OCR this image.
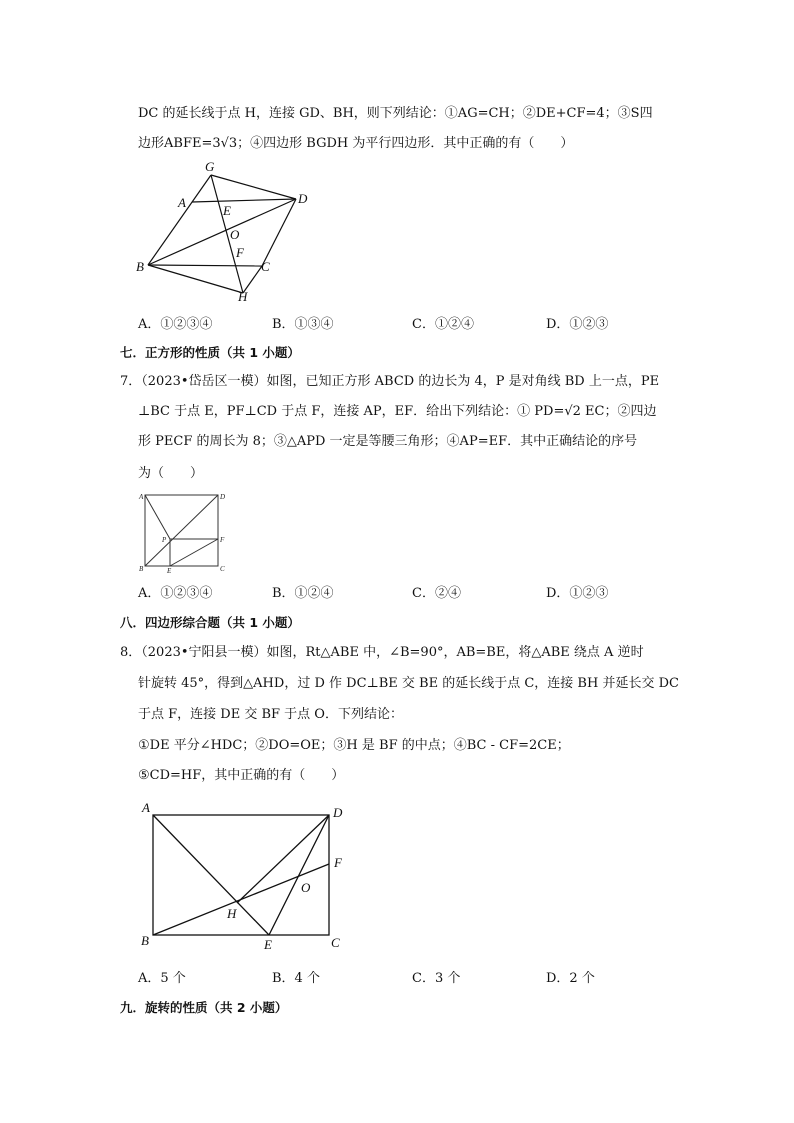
DC 的延长线于点 H，连接 GD、BH，则下列结论：①AG=CH；②DE+CF=4；③S四
边形ABFE=3√3；④四边形 BGDH 为平行四边形．其中正确的有（　　）
G
A
E
D
O
F
B	C
H
A．①②③④	B．①③④	C．①②④	D．①②③
七．正方形的性质（共 1 小题）
7．（2023•岱岳区一模）如图，已知正方形 ABCD 的边长为 4，P 是对角线 BD 上一点，PE
⊥BC 于点 E，PF⊥CD 于点 F，连接 AP，EF．给出下列结论：① PD=√2 EC；②四边
形 PECF 的周长为 8；③△APD 一定是等腰三角形；④AP=EF．其中正确结论的序号
为（　　）
A	D
P	F
B	E	C
A．①②③④	B．①②④	C．②④	D．①②③
八．四边形综合题（共 1 小题）
8．（2023•宁阳县一模）如图，Rt△ABE 中，∠B=90°，AB=BE，将△ABE 绕点 A 逆时
针旋转 45°，得到△AHD，过 D 作 DC⊥BE 交 BE 的延长线于点 C，连接 BH 并延长交 DC
于点 F，连接 DE 交 BF 于点 O．下列结论：
①DE 平分∠HDC；②DO=OE；③H 是 BF 的中点；④BC - CF=2CE；
⑤CD=HF，其中正确的有（　　）
A	D
F
O
H
B	E	C
A．5 个	B．4 个	C．3 个	D．2 个
九．旋转的性质（共 2 小题）
